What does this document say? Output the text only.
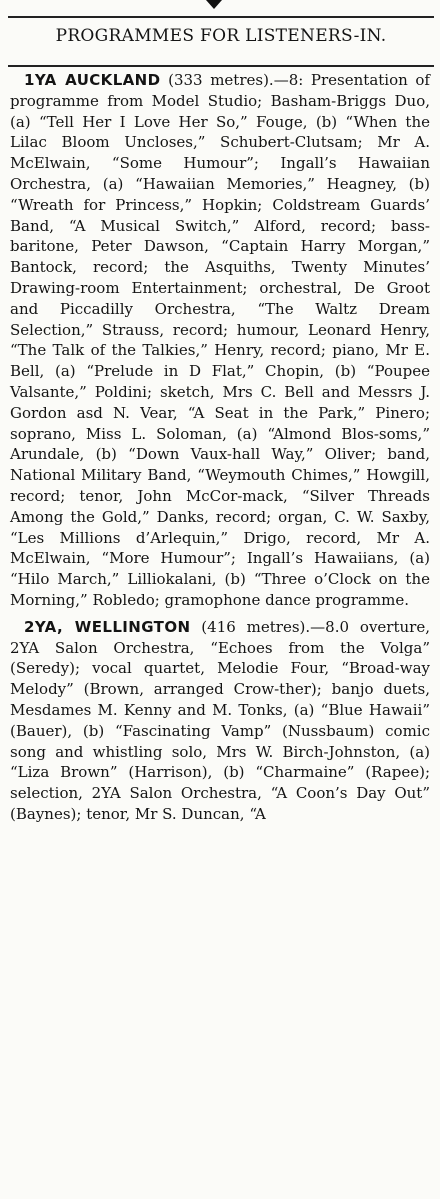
PROGRAMMES FOR LISTENERS-IN.

1YA AUCKLAND (333 metres).—8: Presentation of programme from Model Studio; Basham-Briggs Duo, (a) “Tell Her I Love Her So,” Fouge, (b) “When the Lilac Bloom Uncloses,” Schubert-Clutsam; Mr A. McElwain, “Some Humour”; Ingall’s Hawaiian Orchestra, (a) “Hawaiian Memories,” Heagney, (b) “Wreath for Princess,” Hopkin; Coldstream Guards’ Band, “A Musical Switch,” Alford, record; bass-baritone, Peter Dawson, “Captain Harry Morgan,” Bantock, record; the Asquiths, Twenty Minutes’ Drawing-room Entertainment; orchestral, De Groot and Piccadilly Orchestra, “The Waltz Dream Selection,” Strauss, record; humour, Leonard Henry, “The Talk of the Talkies,” Henry, record; piano, Mr E. Bell, (a) “Prelude in D Flat,” Chopin, (b) “Poupee Valsante,” Poldini; sketch, Mrs C. Bell and Messrs J. Gordon asd N. Vear, “A Seat in the Park,” Pinero; soprano, Miss L. Soloman, (a) “Almond Blos-soms,” Arundale, (b) “Down Vaux-hall Way,” Oliver; band, National Military Band, “Weymouth Chimes,” Howgill, record; tenor, John McCor-mack, “Silver Threads Among the Gold,” Danks, record; organ, C. W. Saxby, “Les Millions d’Arlequin,” Drigo, record, Mr A. McElwain, “More Humour”; Ingall’s Hawaiians, (a) “Hilo March,” Lilliokalani, (b) “Three o’Clock on the Morning,” Robledo; gramophone dance programme.

2YA, WELLINGTON (416 metres).—8.0 overture, 2YA Salon Orchestra, “Echoes from the Volga” (Seredy); vocal quartet, Melodie Four, “Broad-way Melody” (Brown, arranged Crow-ther); banjo duets, Mesdames M. Kenny and M. Tonks, (a) “Blue Hawaii” (Bauer), (b) “Fascinating Vamp” (Nussbaum) comic song and whistling solo, Mrs W. Birch-Johnston, (a) “Liza Brown” (Harrison), (b) “Charmaine” (Rapee); selection, 2YA Salon Orchestra, “A Coon’s Day Out” (Baynes); tenor, Mr S. Duncan, “A
